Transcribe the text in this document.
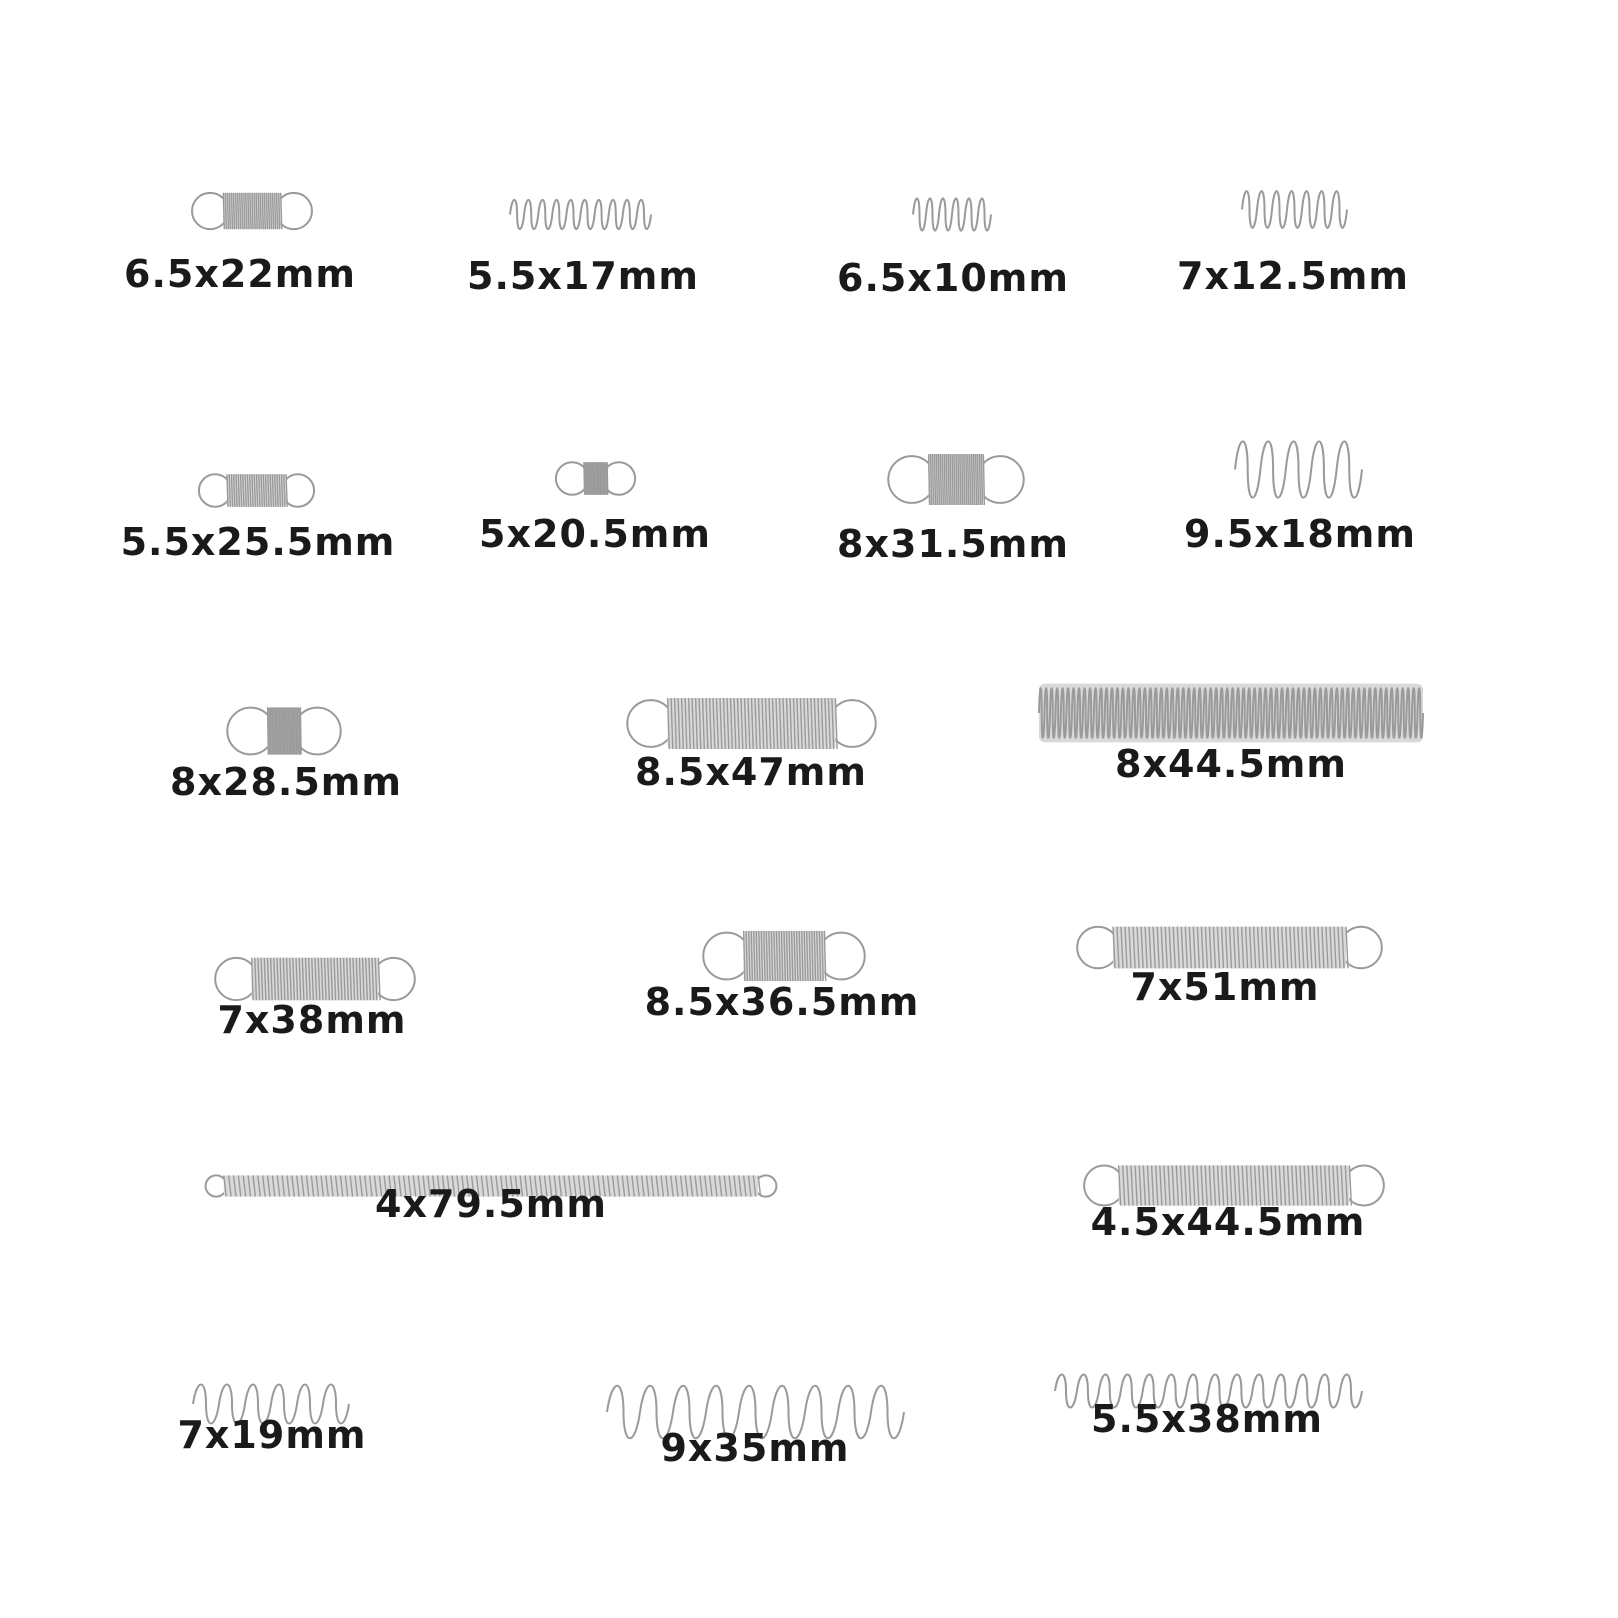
6.5x22mm	5.5x17mm	6.5x10mm	7x12.5mm
5.5x25.5mm 5x20.5mm	8x31.5mm	9.5x18mm
8x28.5mm	8.5x47mm	8x44.5mm
7x38mm	8.5x36.5mm	7x51mm
4x79.5mm	4.5x44.5mm
7x19mm	9x35mm
5.5x38mm
